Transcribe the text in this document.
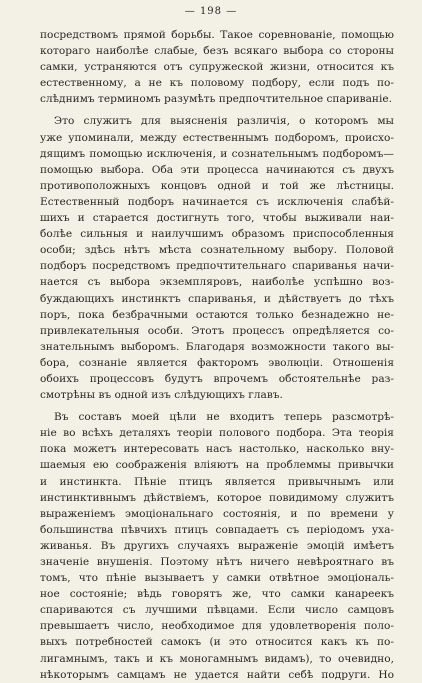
— 198 —

посредствомъ прямой борьбы. Такое соревнованіе, помощью
котораго наиболѣе слабые, безъ всякаго выбора со стороны
самки, устраняются отъ супружеской жизни, относится къ
естественному, а не къ половому подбору, если подъ по-
слѣднимъ терминомъ разумѣть предпочтительное спариваніе.

Это служитъ для выясненія различія, о которомъ мы
уже упоминали, между естественнымъ подборомъ, происхо-
дящимъ помощью исключенія, и сознательнымъ подборомъ—
помощью выбора. Оба эти процесса начинаются съ двухъ
противоположныхъ концовъ одной и той же лѣстницы.
Естественный подборъ начинается съ исключенія слабѣй-
шихъ и старается достигнуть того, чтобы выживали наи-
болѣе сильныя и наилучшимъ образомъ приспособленныя
особи; здѣсь нѣтъ мѣста сознательному выбору. Половой
подборъ посредствомъ предпочтительнаго спариванья начи-
нается съ выбора экземпляровъ, наиболѣе успѣшно воз-
буждающихъ инстинктъ спариванья, и дѣйствуетъ до тѣхъ
поръ, пока безбрачными остаются только безнадежно не-
привлекательныя особи. Этотъ процессъ опредѣляется со-
знательнымъ выборомъ. Благодаря возможности такого вы-
бора, сознаніе является факторомъ эволюціи. Отношенія
обоихъ процессовъ будутъ впрочемъ обстоятельнѣе раз-
смотрѣны въ одной изъ слѣдующихъ главъ.

Въ составъ моей цѣли не входитъ теперь разсмотрѣ-
ніе во всѣхъ деталяхъ теоріи полового подбора. Эта теорія
пока можетъ интересовать насъ настолько, насколько вну-
шаемыя ею соображенія вліяютъ на проблеммы привычки
и инстинкта. Пѣніе птицъ является привычнымъ или
инстинктивнымъ дѣйствіемъ, которое повидимому служитъ
выраженіемъ эмоціональнаго состоянія, и по времени у
большинства пѣвчихъ птицъ совпадаетъ съ періодомъ уха-
живанья. Въ другихъ случаяхъ выраженіе эмоцій имѣетъ
значеніе внушенія. Поэтому нѣтъ ничего невѣроятнаго въ
томъ, что пѣніе вызываетъ у самки отвѣтное эмоціональ-
ное состояніе; вѣдь говорятъ же, что самки канареекъ
спариваются съ лучшими пѣвцами. Если число самцовъ
превышаетъ число, необходимое для удовлетворенія поло-
выхъ потребностей самокъ (и это относится какъ къ по-
лигамнымъ, такъ и къ моногамнымъ видамъ), то очевидно,
нѣкоторымъ самцамъ не удается найти себѣ подруги. Но
